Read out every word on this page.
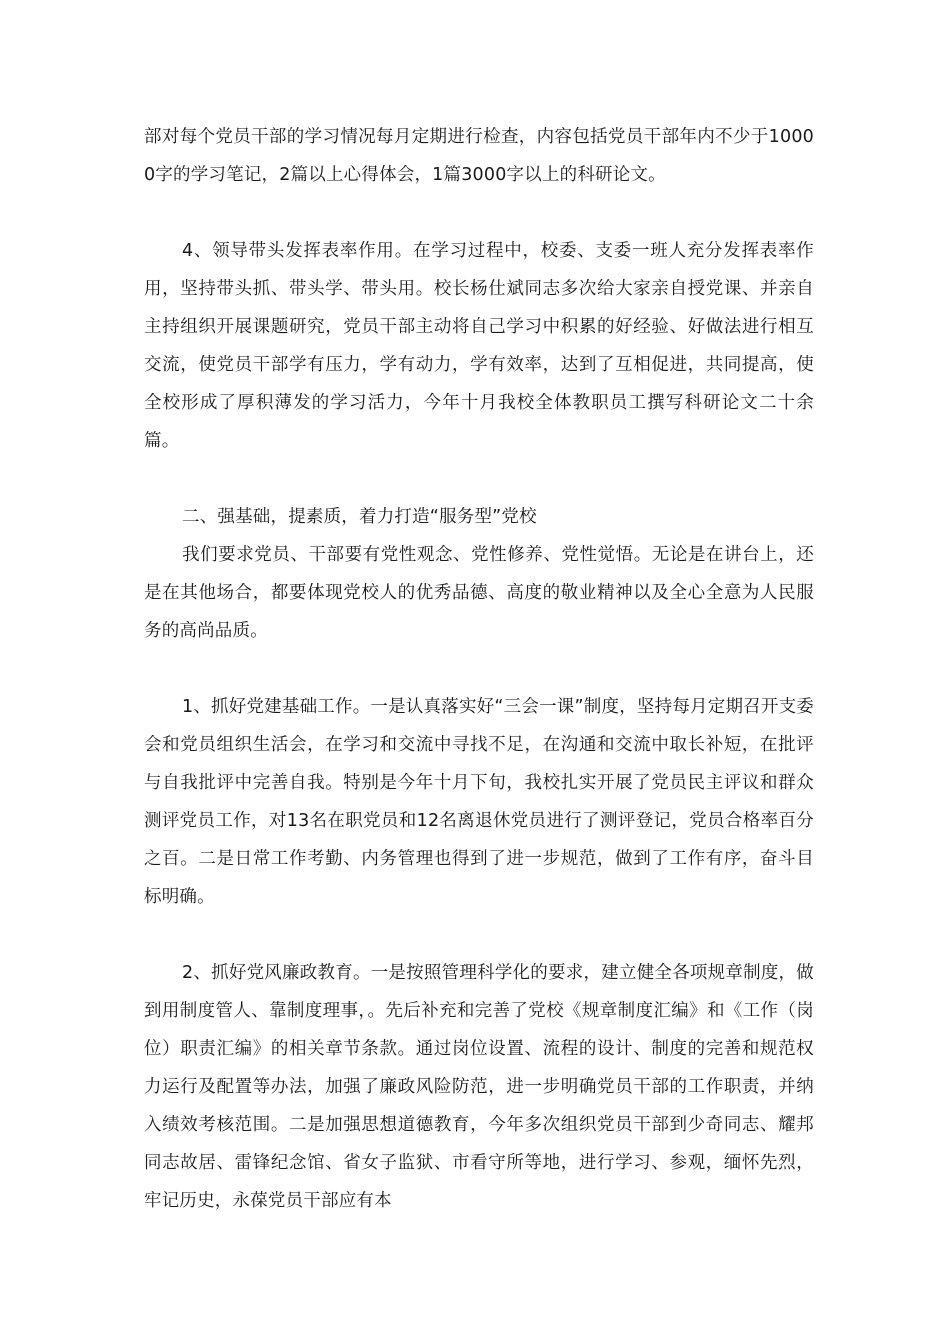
部对每个党员干部的学习情况每月定期进行检查，内容包括党员干部年内不少于10000字的学习笔记，2篇以上心得体会，1篇3000字以上的科研论文。

4、领导带头发挥表率作用。在学习过程中，校委、支委一班人充分发挥表率作用，坚持带头抓、带头学、带头用。校长杨仕斌同志多次给大家亲自授党课、并亲自主持组织开展课题研究，党员干部主动将自己学习中积累的好经验、好做法进行相互交流，使党员干部学有压力，学有动力，学有效率，达到了互相促进，共同提高，使全校形成了厚积薄发的学习活力，今年十月我校全体教职员工撰写科研论文二十余篇。

二、强基础，提素质，着力打造“服务型”党校

我们要求党员、干部要有党性观念、党性修养、党性觉悟。无论是在讲台上，还是在其他场合，都要体现党校人的优秀品德、高度的敬业精神以及全心全意为人民服务的高尚品质。

1、抓好党建基础工作。一是认真落实好“三会一课”制度，坚持每月定期召开支委会和党员组织生活会，在学习和交流中寻找不足，在沟通和交流中取长补短，在批评与自我批评中完善自我。特别是今年十月下旬，我校扎实开展了党员民主评议和群众测评党员工作，对13名在职党员和12名离退休党员进行了测评登记，党员合格率百分之百。二是日常工作考勤、内务管理也得到了进一步规范，做到了工作有序，奋斗目标明确。

2、抓好党风廉政教育。一是按照管理科学化的要求，建立健全各项规章制度，做到用制度管人、靠制度理事，。先后补充和完善了党校《规章制度汇编》和《工作（岗位）职责汇编》的相关章节条款。通过岗位设置、流程的设计、制度的完善和规范权力运行及配置等办法，加强了廉政风险防范，进一步明确党员干部的工作职责，并纳入绩效考核范围。二是加强思想道德教育，今年多次组织党员干部到少奇同志、耀邦同志故居、雷锋纪念馆、省女子监狱、市看守所等地，进行学习、参观，缅怀先烈，牢记历史，永葆党员干部应有本
